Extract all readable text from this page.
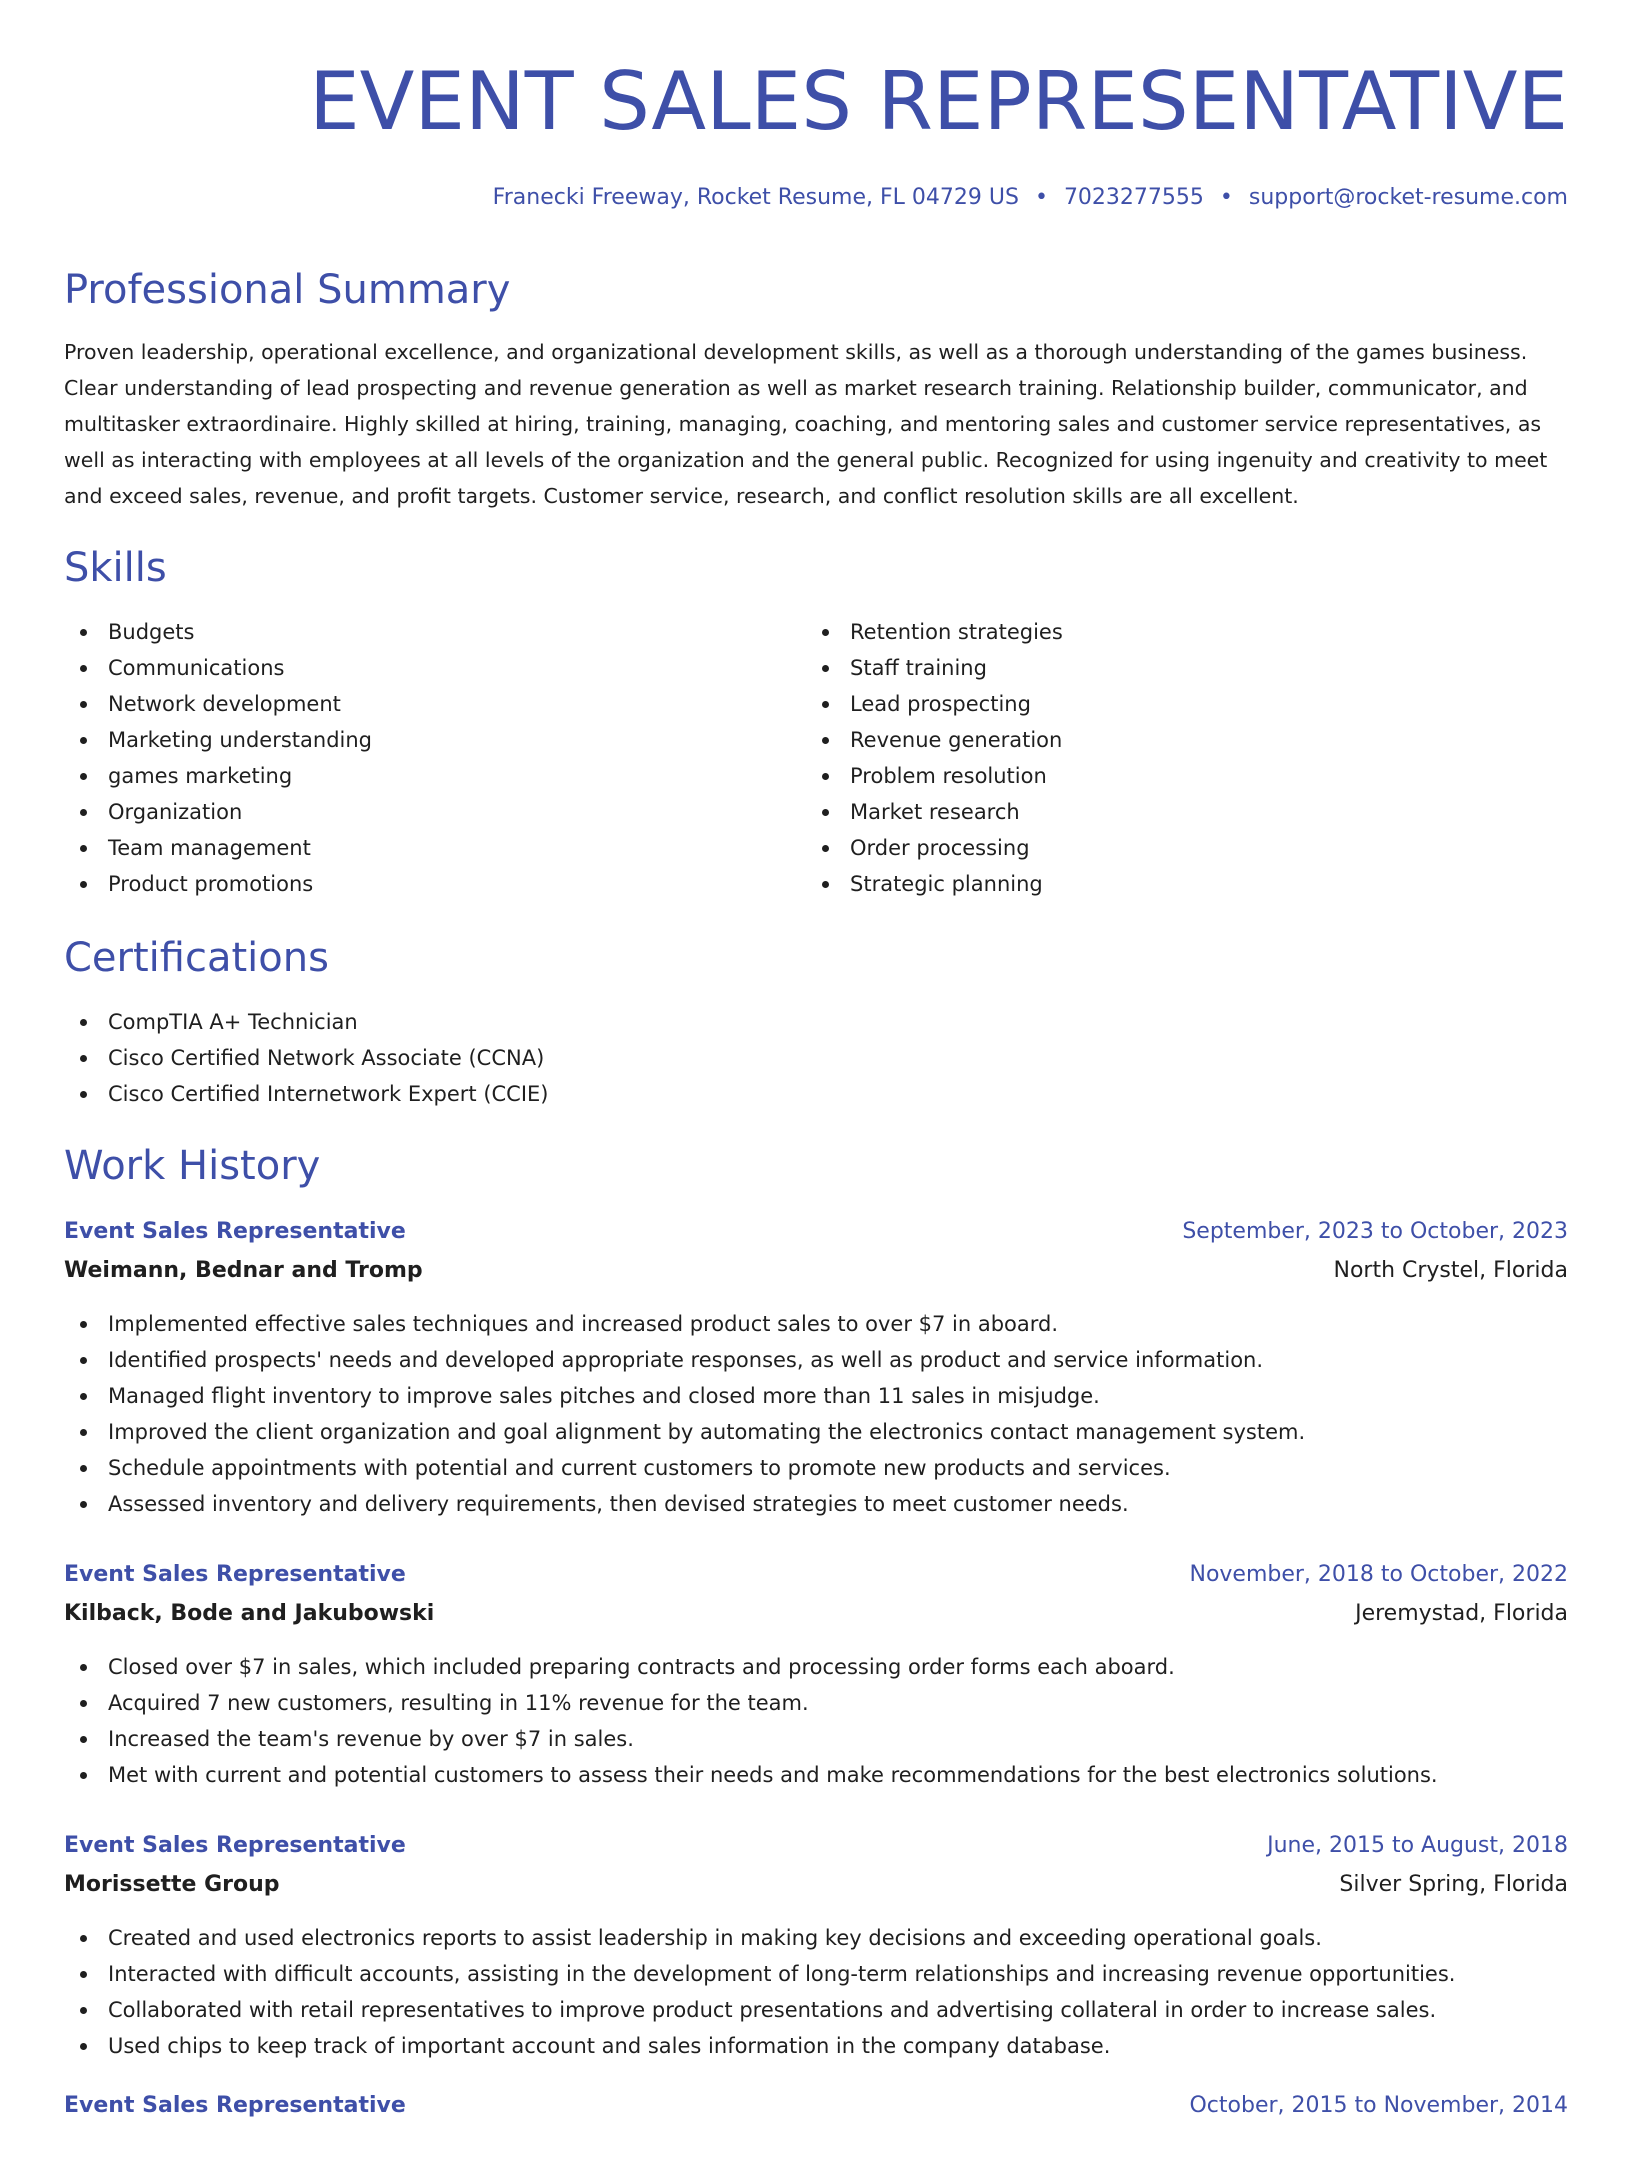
EVENT SALES REPRESENTATIVE
Franecki Freeway, Rocket Resume, FL 04729 US • 7023277555 • support@rocket-resume.com
Professional Summary

Proven leadership, operational excellence, and organizational development skills, as well as a thorough understanding of the games business. Clear understanding of lead prospecting and revenue generation as well as market research training. Relationship builder, communicator, and multitasker extraordinaire. Highly skilled at hiring, training, managing, coaching, and mentoring sales and customer service representatives, as well as interacting with employees at all levels of the organization and the general public. Recognized for using ingenuity and creativity to meet and exceed sales, revenue, and profit targets. Customer service, research, and conflict resolution skills are all excellent.

Skills
Budgets
Communications
Network development
Marketing understanding
games marketing
Organization
Team management
Product promotions
Retention strategies
Staff training
Lead prospecting
Revenue generation
Problem resolution
Market research
Order processing
Strategic planning
Certifications
CompTIA A+ Technician
Cisco Certified Network Associate (CCNA)
Cisco Certified Internetwork Expert (CCIE)
Work History
Event Sales Representative	September, 2023 to October, 2023
Weimann, Bednar and Tromp	North Crystel, Florida
Implemented effective sales techniques and increased product sales to over $7 in aboard.
Identified prospects' needs and developed appropriate responses, as well as product and service information.
Managed flight inventory to improve sales pitches and closed more than 11 sales in misjudge.
Improved the client organization and goal alignment by automating the electronics contact management system.
Schedule appointments with potential and current customers to promote new products and services.
Assessed inventory and delivery requirements, then devised strategies to meet customer needs.
Event Sales Representative	November, 2018 to October, 2022
Kilback, Bode and Jakubowski	Jeremystad, Florida
Closed over $7 in sales, which included preparing contracts and processing order forms each aboard.
Acquired 7 new customers, resulting in 11% revenue for the team.
Increased the team's revenue by over $7 in sales.
Met with current and potential customers to assess their needs and make recommendations for the best electronics solutions.
Event Sales Representative	June, 2015 to August, 2018
Morissette Group	Silver Spring, Florida
Created and used electronics reports to assist leadership in making key decisions and exceeding operational goals.
Interacted with difficult accounts, assisting in the development of long-term relationships and increasing revenue opportunities.
Collaborated with retail representatives to improve product presentations and advertising collateral in order to increase sales.
Used chips to keep track of important account and sales information in the company database.
Event Sales Representative	October, 2015 to November, 2014
